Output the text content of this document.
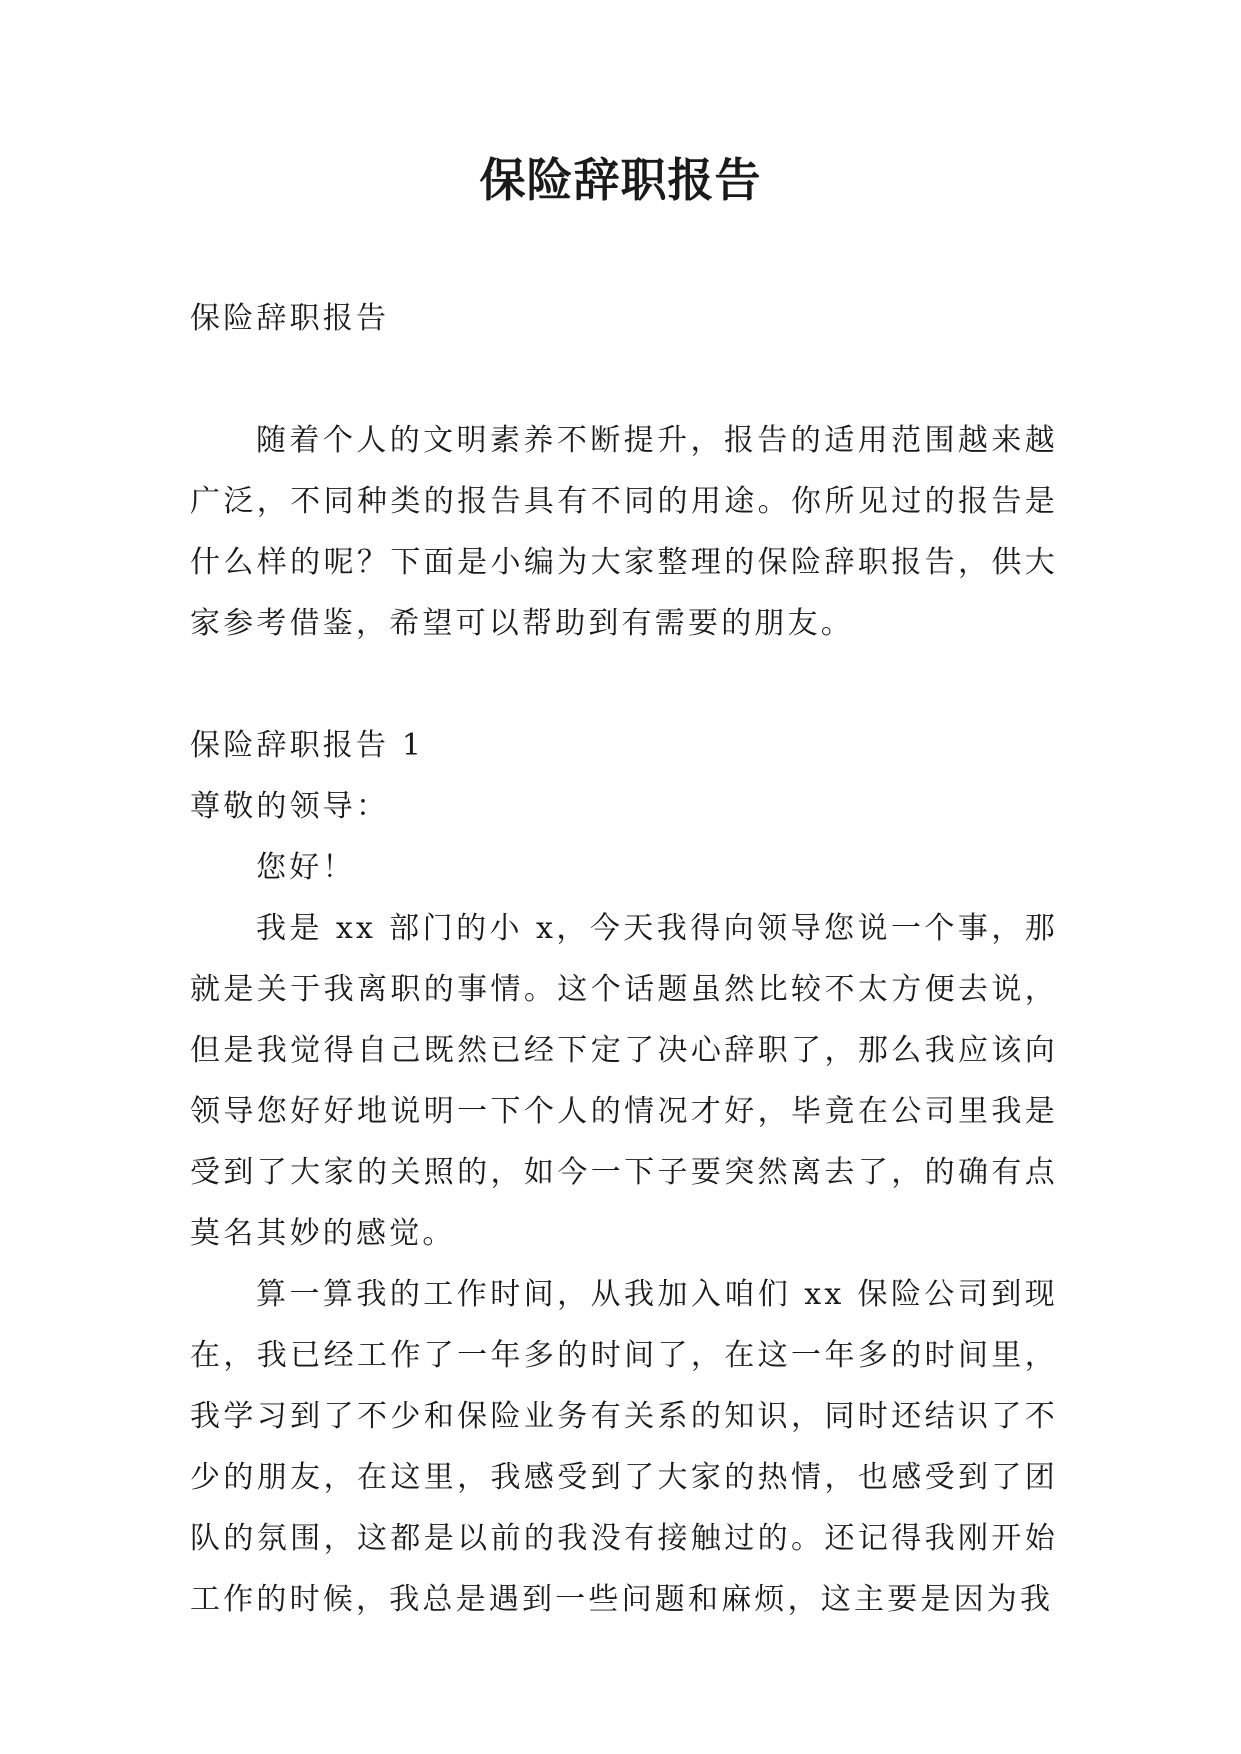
保险辞职报告

保险辞职报告

随着个人的文明素养不断提升，报告的适用范围越来越广泛，不同种类的报告具有不同的用途。你所见过的报告是什么样的呢？下面是小编为大家整理的保险辞职报告，供大家参考借鉴，希望可以帮助到有需要的朋友。

保险辞职报告 1

尊敬的领导：

您好！

我是 xx 部门的小 x，今天我得向领导您说一个事，那就是关于我离职的事情。这个话题虽然比较不太方便去说，但是我觉得自己既然已经下定了决心辞职了，那么我应该向领导您好好地说明一下个人的情况才好，毕竟在公司里我是受到了大家的关照的，如今一下子要突然离去了，的确有点莫名其妙的感觉。

算一算我的工作时间，从我加入咱们 xx 保险公司到现在，我已经工作了一年多的时间了，在这一年多的时间里，我学习到了不少和保险业务有关系的知识，同时还结识了不少的朋友，在这里，我感受到了大家的热情，也感受到了团队的氛围，这都是以前的我没有接触过的。还记得我刚开始工作的时候，我总是遇到一些问题和麻烦，这主要是因为我
